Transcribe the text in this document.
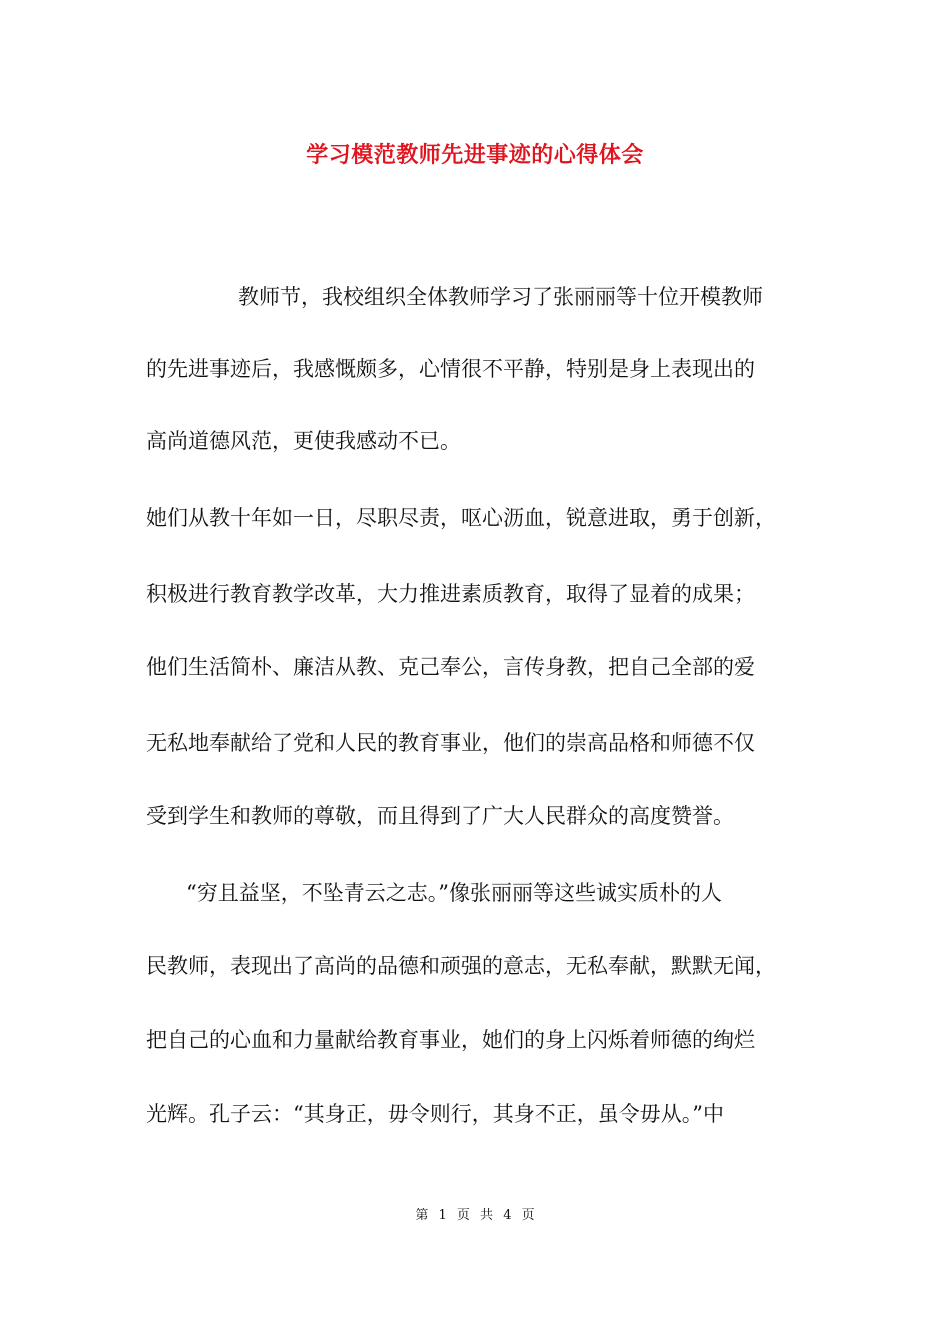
学习模范教师先进事迹的心得体会
教师节，我校组织全体教师学习了张丽丽等十位开模教师
的先进事迹后，我感慨颇多，心情很不平静，特别是身上表现出的
高尚道德风范，更使我感动不已。
她们从教十年如一日，尽职尽责，呕心沥血，锐意进取，勇于创新，
积极进行教育教学改革，大力推进素质教育，取得了显着的成果；
他们生活简朴、廉洁从教、克己奉公，言传身教，把自己全部的爱
无私地奉献给了党和人民的教育事业，他们的崇高品格和师德不仅
受到学生和教师的尊敬，而且得到了广大人民群众的高度赞誉。
“穷且益坚，不坠青云之志。”像张丽丽等这些诚实质朴的人
民教师，表现出了高尚的品德和顽强的意志，无私奉献，默默无闻，
把自己的心血和力量献给教育事业，她们的身上闪烁着师德的绚烂
光辉。孔子云：“其身正，毋令则行，其身不正，虽令毋从。”中
第 1 页 共 4 页
